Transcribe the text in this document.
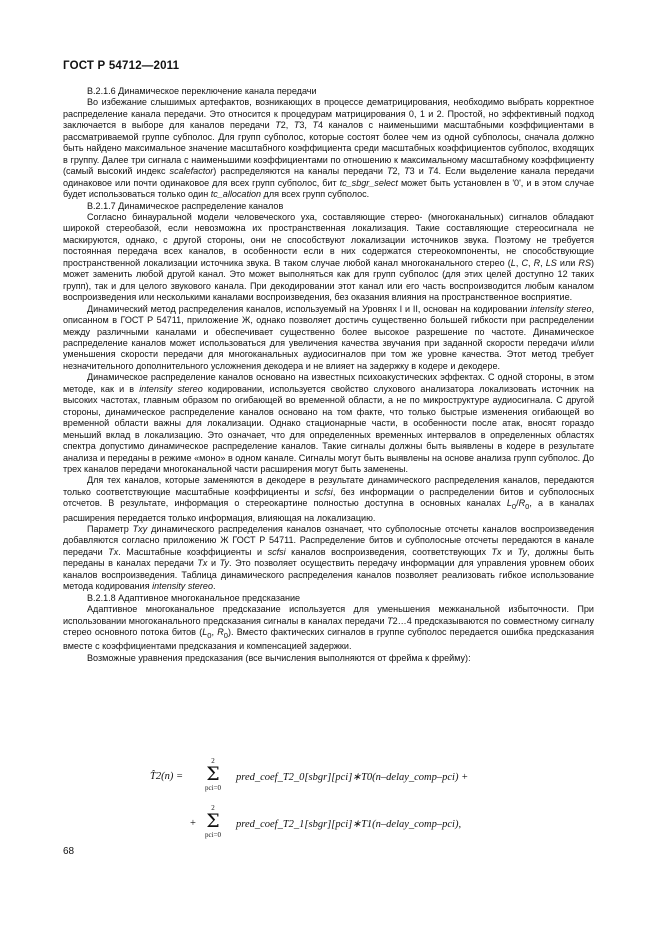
ГОСТ Р 54712—2011

В.2.1.6 Динамическое переключение канала передачи

Во избежание слышимых артефактов, возникающих в процессе дематрицирования, необходимо выбрать корректное распределение канала передачи. Это относится к процедурам матрицирования 0, 1 и 2. Простой, но эффективный подход заключается в выборе для каналов передачи T2, T3, T4 каналов с наименьшими масштабными коэффициентами в рассматриваемой группе субполос. Для групп субполос, которые состоят более чем из одной субполосы, сначала должно быть найдено максимальное значение масштабного коэффициента среди масштабных коэффициентов субполос, входящих в группу. Далее три сигнала с наименьшими коэффициентами по отношению к максимальному масштабному коэффициенту (самый высокий индекс scalefactor) распределяются на каналы передачи T2, T3 и T4. Если выделение канала передачи одинаковое или почти одинаковое для всех групп субполос, бит tc_sbgr_select может быть установлен в '0', и в этом случае будет использоваться только один tc_allocation для всех групп субполос.

В.2.1.7 Динамическое распределение каналов

Согласно бинауральной модели человеческого уха, составляющие стерео- (многоканальных) сигналов обладают широкой стереобазой, если невозможна их пространственная локализация. Такие составляющие стереосигнала не маскируются, однако, с другой стороны, они не способствуют локализации источников звука. Поэтому не требуется постоянная передача всех каналов, в особенности если в них содержатся стереокомпоненты, не способствующие пространственной локализации источника звука. В таком случае любой канал многоканального стерео (L, C, R, LS или RS) может заменить любой другой канал. Это может выполняться как для групп субполос (для этих целей доступно 12 таких групп), так и для целого звукового канала. При декодировании этот канал или его часть воспроизводится любым каналом воспроизведения или несколькими каналами воспроизведения, без оказания влияния на пространственное восприятие.

Динамический метод распределения каналов, используемый на Уровнях I и II, основан на кодировании intensity stereo, описанном в ГОСТ Р 54711, приложение Ж, однако позволяет достичь существенно большей гибкости при распределении между различными каналами и обеспечивает существенно более высокое разрешение по частоте. Динамическое распределение каналов может использоваться для увеличения качества звучания при заданной скорости передачи и/или уменьшения скорости передачи для многоканальных аудиосигналов при том же уровне качества. Этот метод требует незначительного дополнительного усложнения декодера и не влияет на задержку в кодере и декодере.

Динамическое распределение каналов основано на известных психоакустических эффектах. С одной стороны, в этом методе, как и в intensity stereo кодировании, используется свойство слухового анализатора локализовать источник на высоких частотах, главным образом по огибающей во временной области, а не по микроструктуре аудиосигнала. С другой стороны, динамическое распределение каналов основано на том факте, что только быстрые изменения огибающей во временной области важны для локализации. Однако стационарные части, в особенности после атак, вносят гораздо меньший вклад в локализацию. Это означает, что для определенных временных интервалов в определенных областях спектра допустимо динамическое распределение каналов. Такие сигналы должны быть выявлены в кодере в результате анализа и переданы в режиме «моно» в одном канале. Сигналы могут быть выявлены на основе анализа групп субполос. До трех каналов передачи многоканальной части расширения могут быть заменены.

Для тех каналов, которые заменяются в декодере в результате динамического распределения каналов, передаются только соответствующие масштабные коэффициенты и scfsi, без информации о распределении битов и субполосных отсчетов. В результате, информация о стереокартине полностью доступна в основных каналах $L_0/R_0$, а в каналах расширения передается только информация, влияющая на локализацию.

Параметр Txy динамического распределения каналов означает, что субполосные отсчеты каналов воспроизведения добавляются согласно приложению Ж ГОСТ Р 54711. Распределение битов и субполосные отсчеты передаются в канале передачи Tx. Масштабные коэффициенты и scfsi каналов воспроизведения, соответствующих Tx и Ty, должны быть переданы в каналах передачи Tx и Ty. Это позволяет осуществить передачу информации для управления уровнем обоих каналов воспроизведения. Таблица динамического распределения каналов позволяет реализовать гибкое использование метода кодирования intensity stereo.

В.2.1.8 Адаптивное многоканальное предсказание

Адаптивное многоканальное предсказание используется для уменьшения межканальной избыточности. При использовании многоканального предсказания сигналы в каналах передачи T2…4 предсказываются по совместному сигналу стерео основного потока битов ($L_0$, $R_0$). Вместо фактических сигналов в группе субполос передается ошибка предсказания вместе с коэффициентами предсказания и компенсацией задержки.

Возможные уравнения предсказания (все вычисления выполняются от фрейма к фрейму):

T̂2(n) =
2
Σ
pci=0
pred_coef_T2_0[sbgr][pci]∗T0(n–delay_comp–pci) +
+
2
Σ
pci=0
pred_coef_T2_1[sbgr][pci]∗T1(n–delay_comp–pci),
68
